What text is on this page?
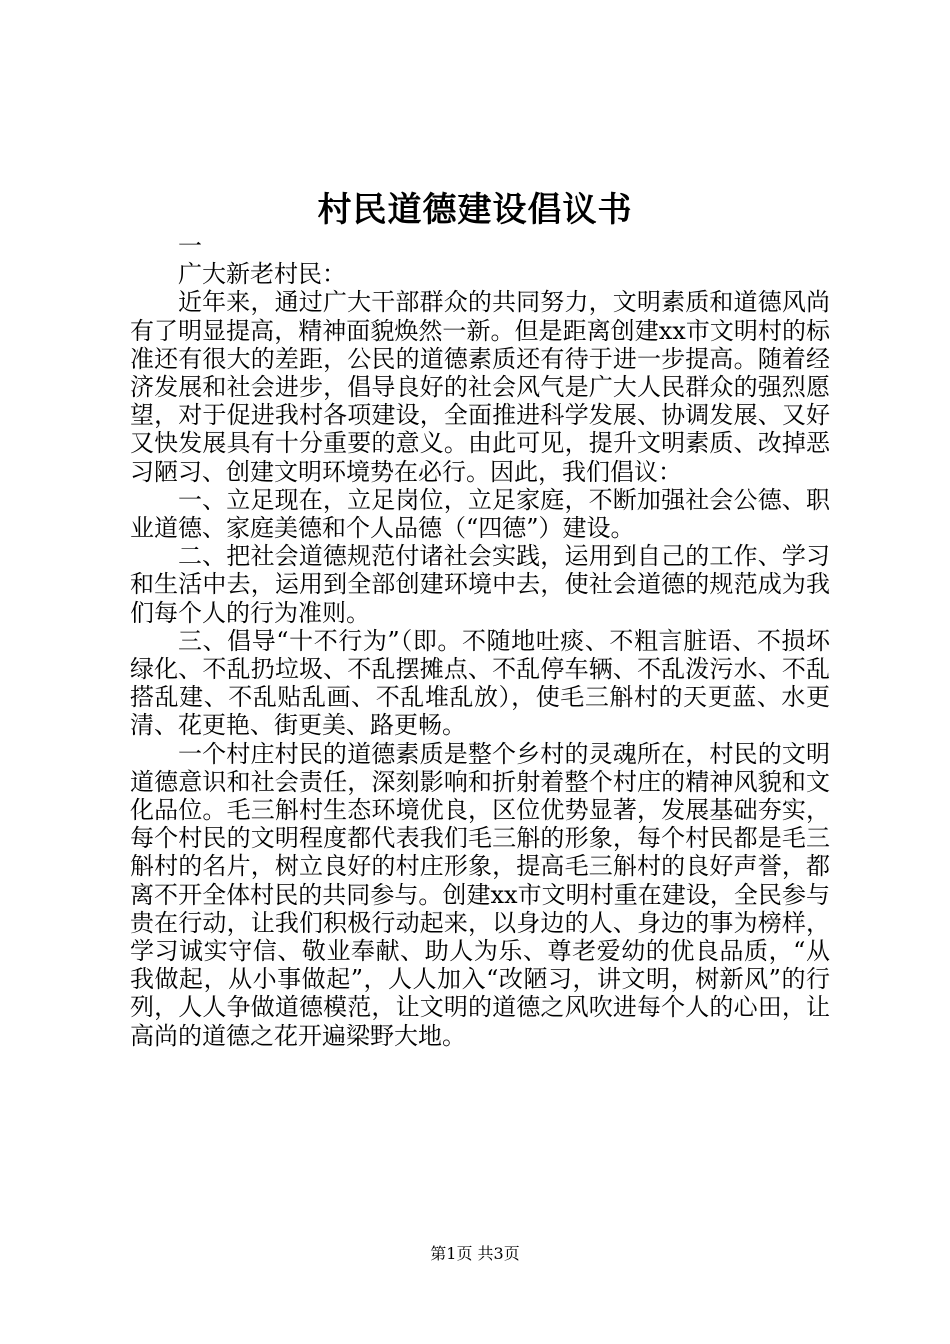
村民道德建设倡议书

一

广大新老村民：

近年来，通过广大干部群众的共同努力，文明素质和道德风尚有了明显提高，精神面貌焕然一新。但是距离创建xx市文明村的标准还有很大的差距，公民的道德素质还有待于进一步提高。随着经济发展和社会进步，倡导良好的社会风气是广大人民群众的强烈愿望，对于促进我村各项建设，全面推进科学发展、协调发展、又好又快发展具有十分重要的意义。由此可见，提升文明素质、改掉恶习陋习、创建文明环境势在必行。因此，我们倡议：

一、立足现在，立足岗位，立足家庭，不断加强社会公德、职业道德、家庭美德和个人品德（“四德”）建设。

二、把社会道德规范付诸社会实践，运用到自己的工作、学习和生活中去，运用到全部创建环境中去，使社会道德的规范成为我们每个人的行为准则。

三、倡导“十不行为”（即。不随地吐痰、不粗言脏语、不损坏绿化、不乱扔垃圾、不乱摆摊点、不乱停车辆、不乱泼污水、不乱搭乱建、不乱贴乱画、不乱堆乱放），使毛三斛村的天更蓝、水更清、花更艳、街更美、路更畅。

一个村庄村民的道德素质是整个乡村的灵魂所在，村民的文明道德意识和社会责任，深刻影响和折射着整个村庄的精神风貌和文化品位。毛三斛村生态环境优良，区位优势显著，发展基础夯实，每个村民的文明程度都代表我们毛三斛的形象，每个村民都是毛三斛村的名片，树立良好的村庄形象，提高毛三斛村的良好声誉，都离不开全体村民的共同参与。创建xx市文明村重在建设，全民参与贵在行动，让我们积极行动起来，以身边的人、身边的事为榜样，学习诚实守信、敬业奉献、助人为乐、尊老爱幼的优良品质，“从我做起，从小事做起”，人人加入“改陋习，讲文明，树新风”的行列，人人争做道德模范，让文明的道德之风吹进每个人的心田，让高尚的道德之花开遍梁野大地。

第1页 共3页
